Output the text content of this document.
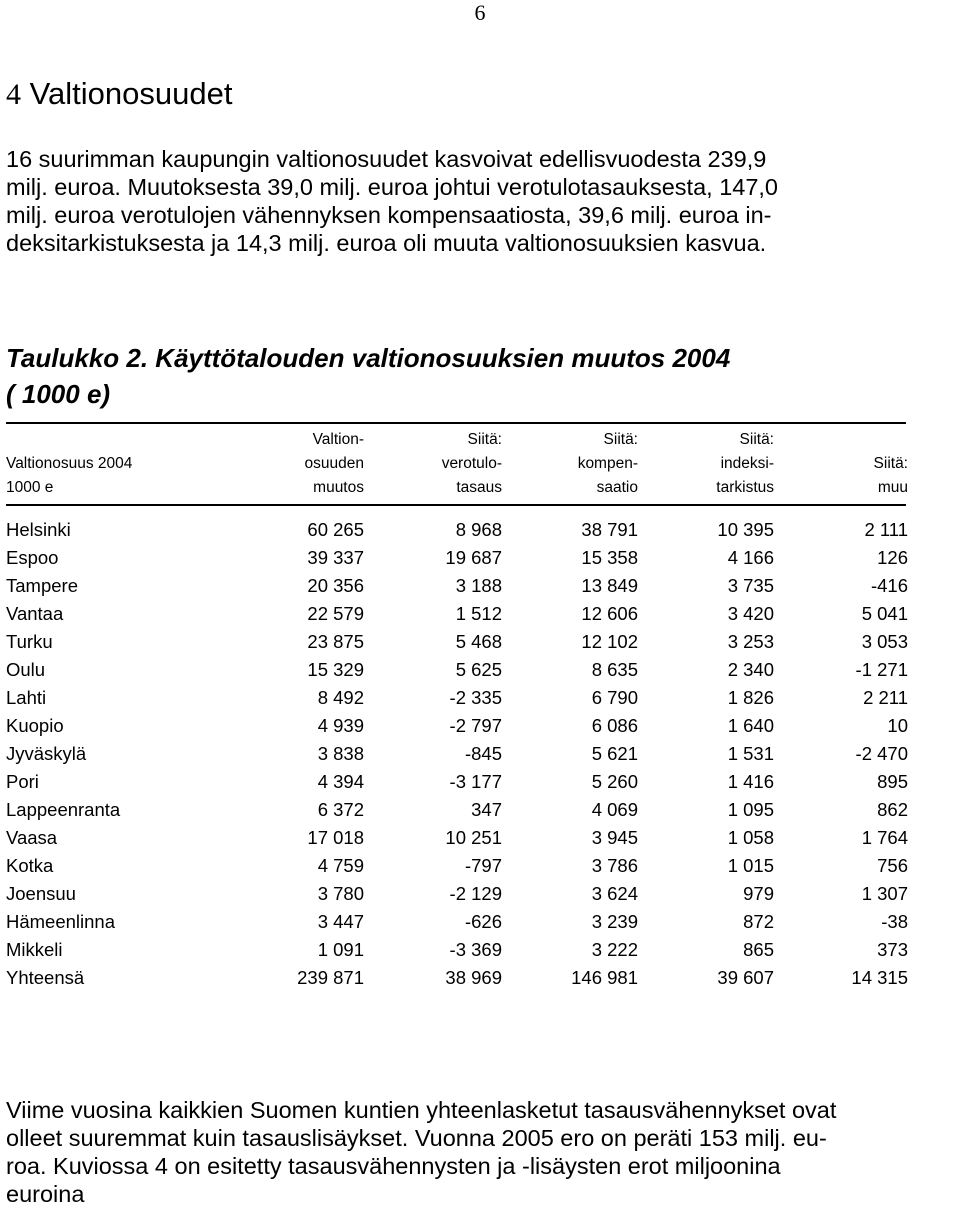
6
4 Valtionosuudet

16 suurimman kaupungin valtionosuudet kasvoivat edellisvuodesta 239,9
milj. euroa. Muutoksesta 39,0 milj. euroa johtui verotulotasauksesta, 147,0
milj. euroa verotulojen vähennyksen kompensaatiosta, 39,6 milj. euroa in-
deksitarkistuksesta ja 14,3 milj. euroa oli muuta valtionosuuksien kasvua.

Taulukko 2. Käyttötalouden valtionosuuksien muutos 2004
( 1000 e)
	Valtion-	Siitä:	Siitä:	Siitä:	
Valtionosuus 2004	osuuden	verotulo-	kompen-	indeksi-	Siitä:
1000 e	muutos	tasaus	saatio	tarkistus	muu

Helsinki	60 265	8 968	38 791	10 395	2 111
Espoo	39 337	19 687	15 358	4 166	126
Tampere	20 356	3 188	13 849	3 735	-416
Vantaa	22 579	1 512	12 606	3 420	5 041
Turku	23 875	5 468	12 102	3 253	3 053
Oulu	15 329	5 625	8 635	2 340	-1 271
Lahti	8 492	-2 335	6 790	1 826	2 211
Kuopio	4 939	-2 797	6 086	1 640	10
Jyväskylä	3 838	-845	5 621	1 531	-2 470
Pori	4 394	-3 177	5 260	1 416	895
Lappeenranta	6 372	347	4 069	1 095	862
Vaasa	17 018	10 251	3 945	1 058	1 764
Kotka	4 759	-797	3 786	1 015	756
Joensuu	3 780	-2 129	3 624	979	1 307
Hämeenlinna	3 447	-626	3 239	872	-38
Mikkeli	1 091	-3 369	3 222	865	373
Yhteensä	239 871	38 969	146 981	39 607	14 315

Viime vuosina kaikkien Suomen kuntien yhteenlasketut tasausvähennykset ovat
olleet suuremmat kuin tasauslisäykset. Vuonna 2005 ero on peräti 153 milj. eu-
roa. Kuviossa 4 on esitetty tasausvähennysten ja -lisäysten erot miljoonina
euroina
